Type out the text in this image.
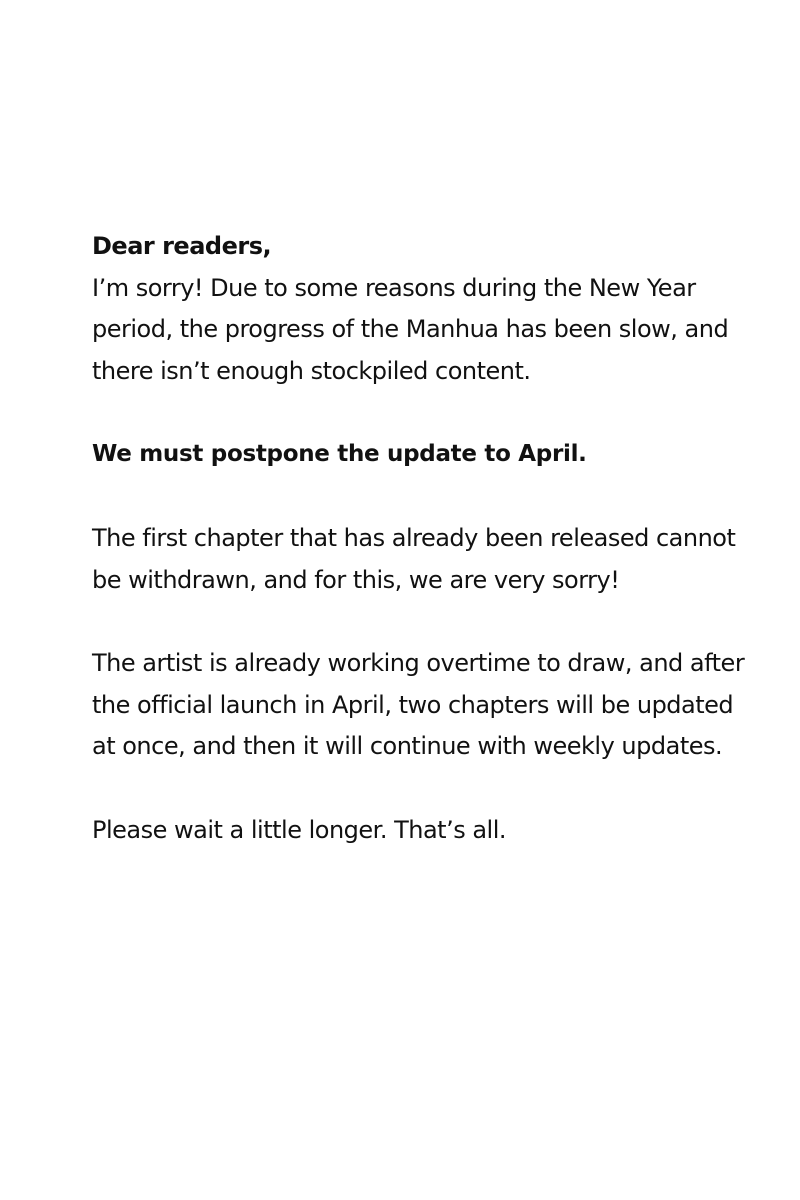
Dear readers,

I’m sorry! Due to some reasons during the New Year period, the progress of the Manhua has been slow, and there isn’t enough stockpiled content.

We must postpone the update to April.

The first chapter that has already been released cannot be withdrawn, and for this, we are very sorry!

The artist is already working overtime to draw, and after the official launch in April, two chapters will be updated at once, and then it will continue with weekly updates.

Please wait a little longer. That’s all.
